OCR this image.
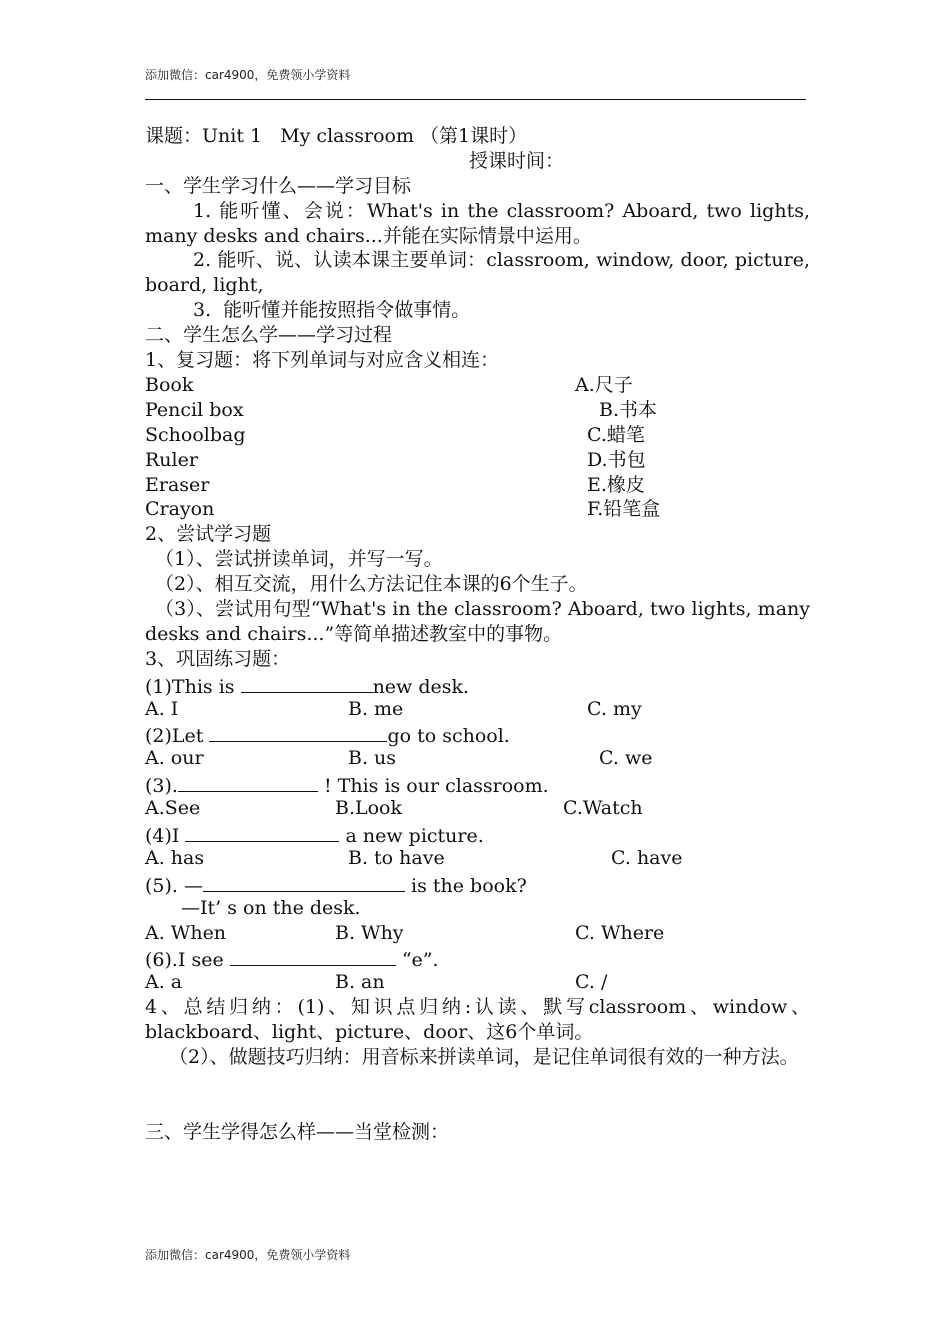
添加微信：car4900，免费领小学资料
课题：Unit 1   My classroom （第1课时）
授课时间：
一、学生学习什么——学习目标
1. 能听懂、会说：What's in the classroom? Aboard, two lights, many desks and chairs...并能在实际情景中运用。
2. 能听、说、认读本课主要单词：classroom, window, door, picture, board, light,
3.  能听懂并能按照指令做事情。
二、学生怎么学——学习过程
1、复习题：将下列单词与对应含义相连：
Book	A.尺子
Pencil box	B.书本
Schoolbag	C.蜡笔
Ruler	D.书包
Eraser	E.橡皮
Crayon	F.铅笔盒
2、尝试学习题
（1）、尝试拼读单词，并写一写。
（2）、相互交流，用什么方法记住本课的6个生子。
（3）、尝试用句型“What's in the classroom? Aboard, two lights, many desks and chairs...”等简单描述教室中的事物。
3、巩固练习题：
(1)This is	new desk.
A. I	B. me	C. my
(2)Let	go to school.
A. our	B. us	C. we
(3).	! This is our classroom.
A.See	B.Look	C.Watch
(4)I	a new picture.
A. has	B. to have	C. have
(5). —	is the book?
—It’ s on the desk.
A. When	B. Why	C. Where
(6).I see	“e”.
A. a	B. an	C. /
4、总结归纳：(1)、知识点归纳:认读、默写classroom、window、blackboard、light、picture、door、这6个单词。
（2）、做题技巧归纳：用音标来拼读单词，是记住单词很有效的一种方法。
三、学生学得怎么样——当堂检测：
添加微信：car4900，免费领小学资料
